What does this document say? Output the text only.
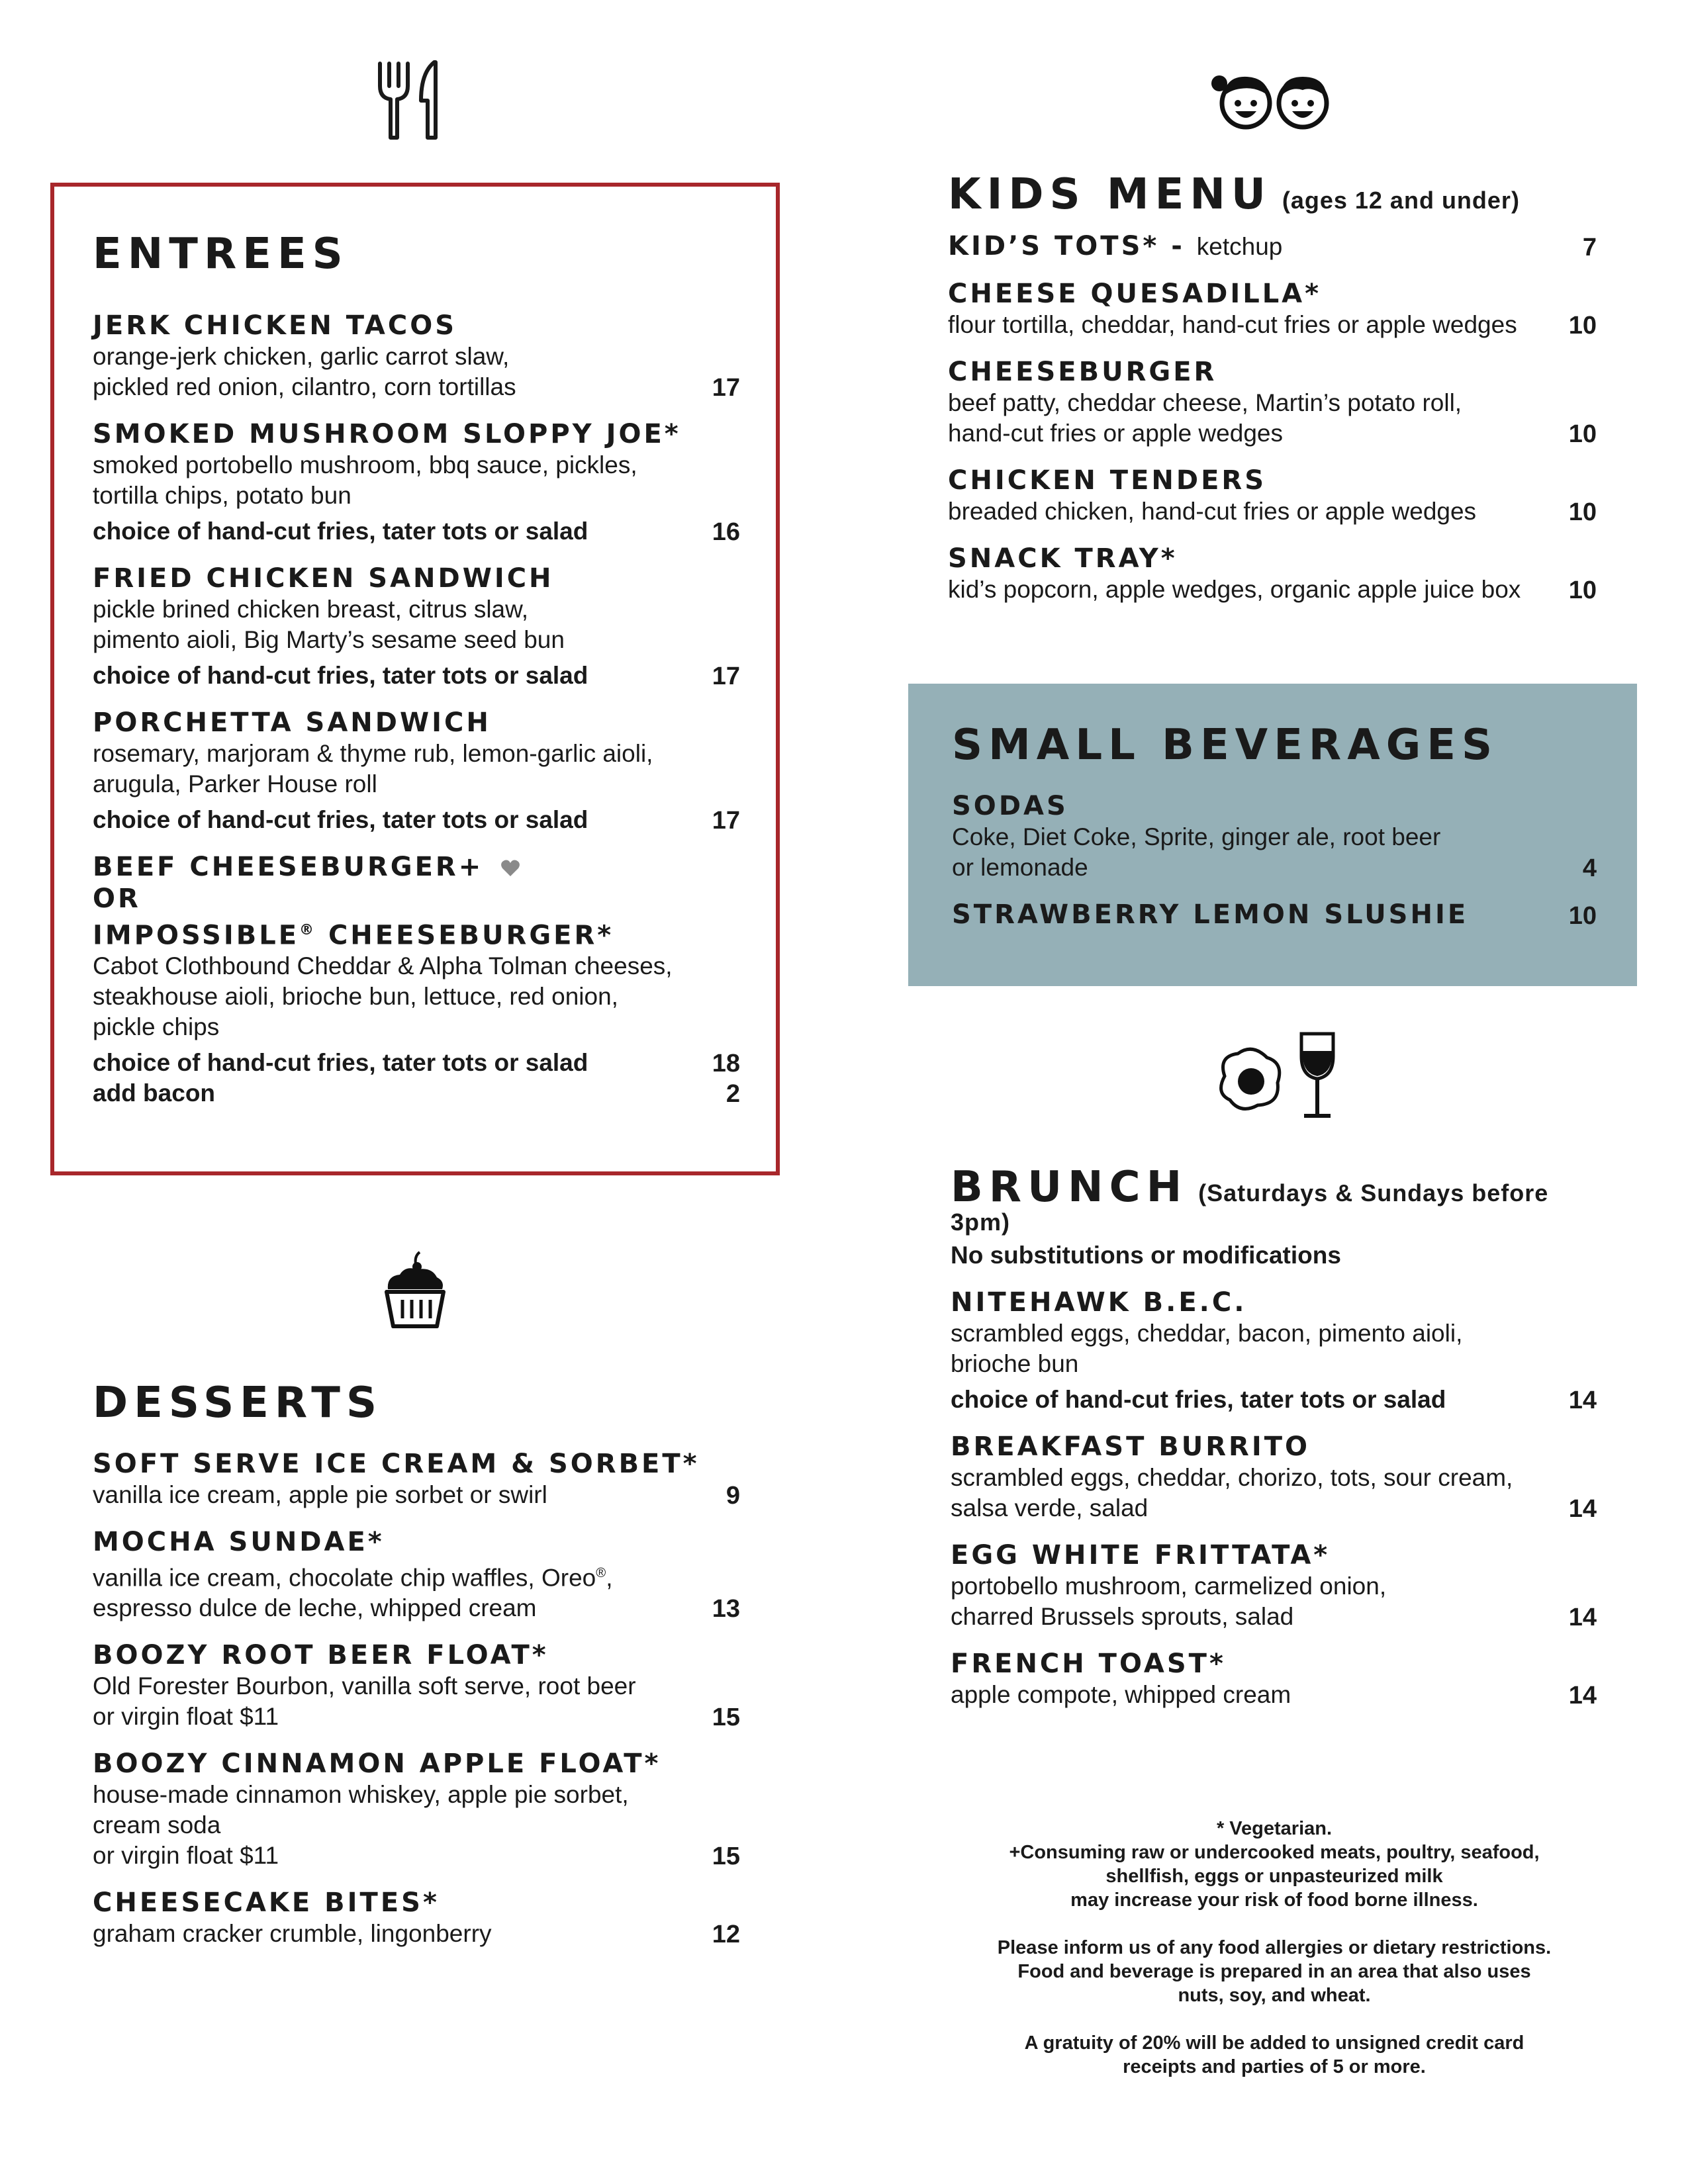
ENTREES
JERK CHICKEN TACOS
orange-jerk chicken, garlic carrot slaw,
pickled red onion, cilantro, corn tortillas	17
SMOKED MUSHROOM SLOPPY JOE*
smoked portobello mushroom, bbq sauce, pickles,
tortilla chips, potato bun
choice of hand-cut fries, tater tots or salad	16
FRIED CHICKEN SANDWICH
pickle brined chicken breast, citrus slaw,
pimento aioli, Big Marty’s sesame seed bun
choice of hand-cut fries, tater tots or salad	17
PORCHETTA SANDWICH
rosemary, marjoram & thyme rub, lemon-garlic aioli,
arugula, Parker House roll
choice of hand-cut fries, tater tots or salad	17
BEEF CHEESEBURGER+
OR
IMPOSSIBLE® CHEESEBURGER*
Cabot Clothbound Cheddar & Alpha Tolman cheeses,
steakhouse aioli, brioche bun, lettuce, red onion,
pickle chips
choice of hand-cut fries, tater tots or salad	18
add bacon	2
DESSERTS
SOFT SERVE ICE CREAM & SORBET*
vanilla ice cream, apple pie sorbet or swirl	9
MOCHA SUNDAE*
vanilla ice cream, chocolate chip waffles, Oreo®,
espresso dulce de leche, whipped cream	13
BOOZY ROOT BEER FLOAT*
Old Forester Bourbon, vanilla soft serve, root beer
or virgin float $11	15
BOOZY CINNAMON APPLE FLOAT*
house-made cinnamon whiskey, apple pie sorbet,
cream soda
or virgin float $11	15
CHEESECAKE BITES*
graham cracker crumble, lingonberry	12
KIDS MENU (ages 12 and under)
KID’S TOTS* - ketchup	7
CHEESE QUESADILLA*
flour tortilla, cheddar, hand-cut fries or apple wedges	10
CHEESEBURGER
beef patty, cheddar cheese, Martin’s potato roll,
hand-cut fries or apple wedges	10
CHICKEN TENDERS
breaded chicken, hand-cut fries or apple wedges	10
SNACK TRAY*
kid’s popcorn, apple wedges, organic apple juice box	10
SMALL BEVERAGES
SODAS
Coke, Diet Coke, Sprite, ginger ale, root beer
or lemonade	4
STRAWBERRY LEMON SLUSHIE	10
BRUNCH (Saturdays & Sundays before 3pm)
No substitutions or modifications
NITEHAWK B.E.C.
scrambled eggs, cheddar, bacon, pimento aioli,
brioche bun
choice of hand-cut fries, tater tots or salad	14
BREAKFAST BURRITO
scrambled eggs, cheddar, chorizo, tots, sour cream,
salsa verde, salad	14
EGG WHITE FRITTATA*
portobello mushroom, carmelized onion,
charred Brussels sprouts, salad	14
FRENCH TOAST*
apple compote, whipped cream	14

* Vegetarian.
+Consuming raw or undercooked meats, poultry, seafood,
shellfish, eggs or unpasteurized milk
may increase your risk of food borne illness.

Please inform us of any food allergies or dietary restrictions.
Food and beverage is prepared in an area that also uses
nuts, soy, and wheat.

A gratuity of 20% will be added to unsigned credit card
receipts and parties of 5 or more.
